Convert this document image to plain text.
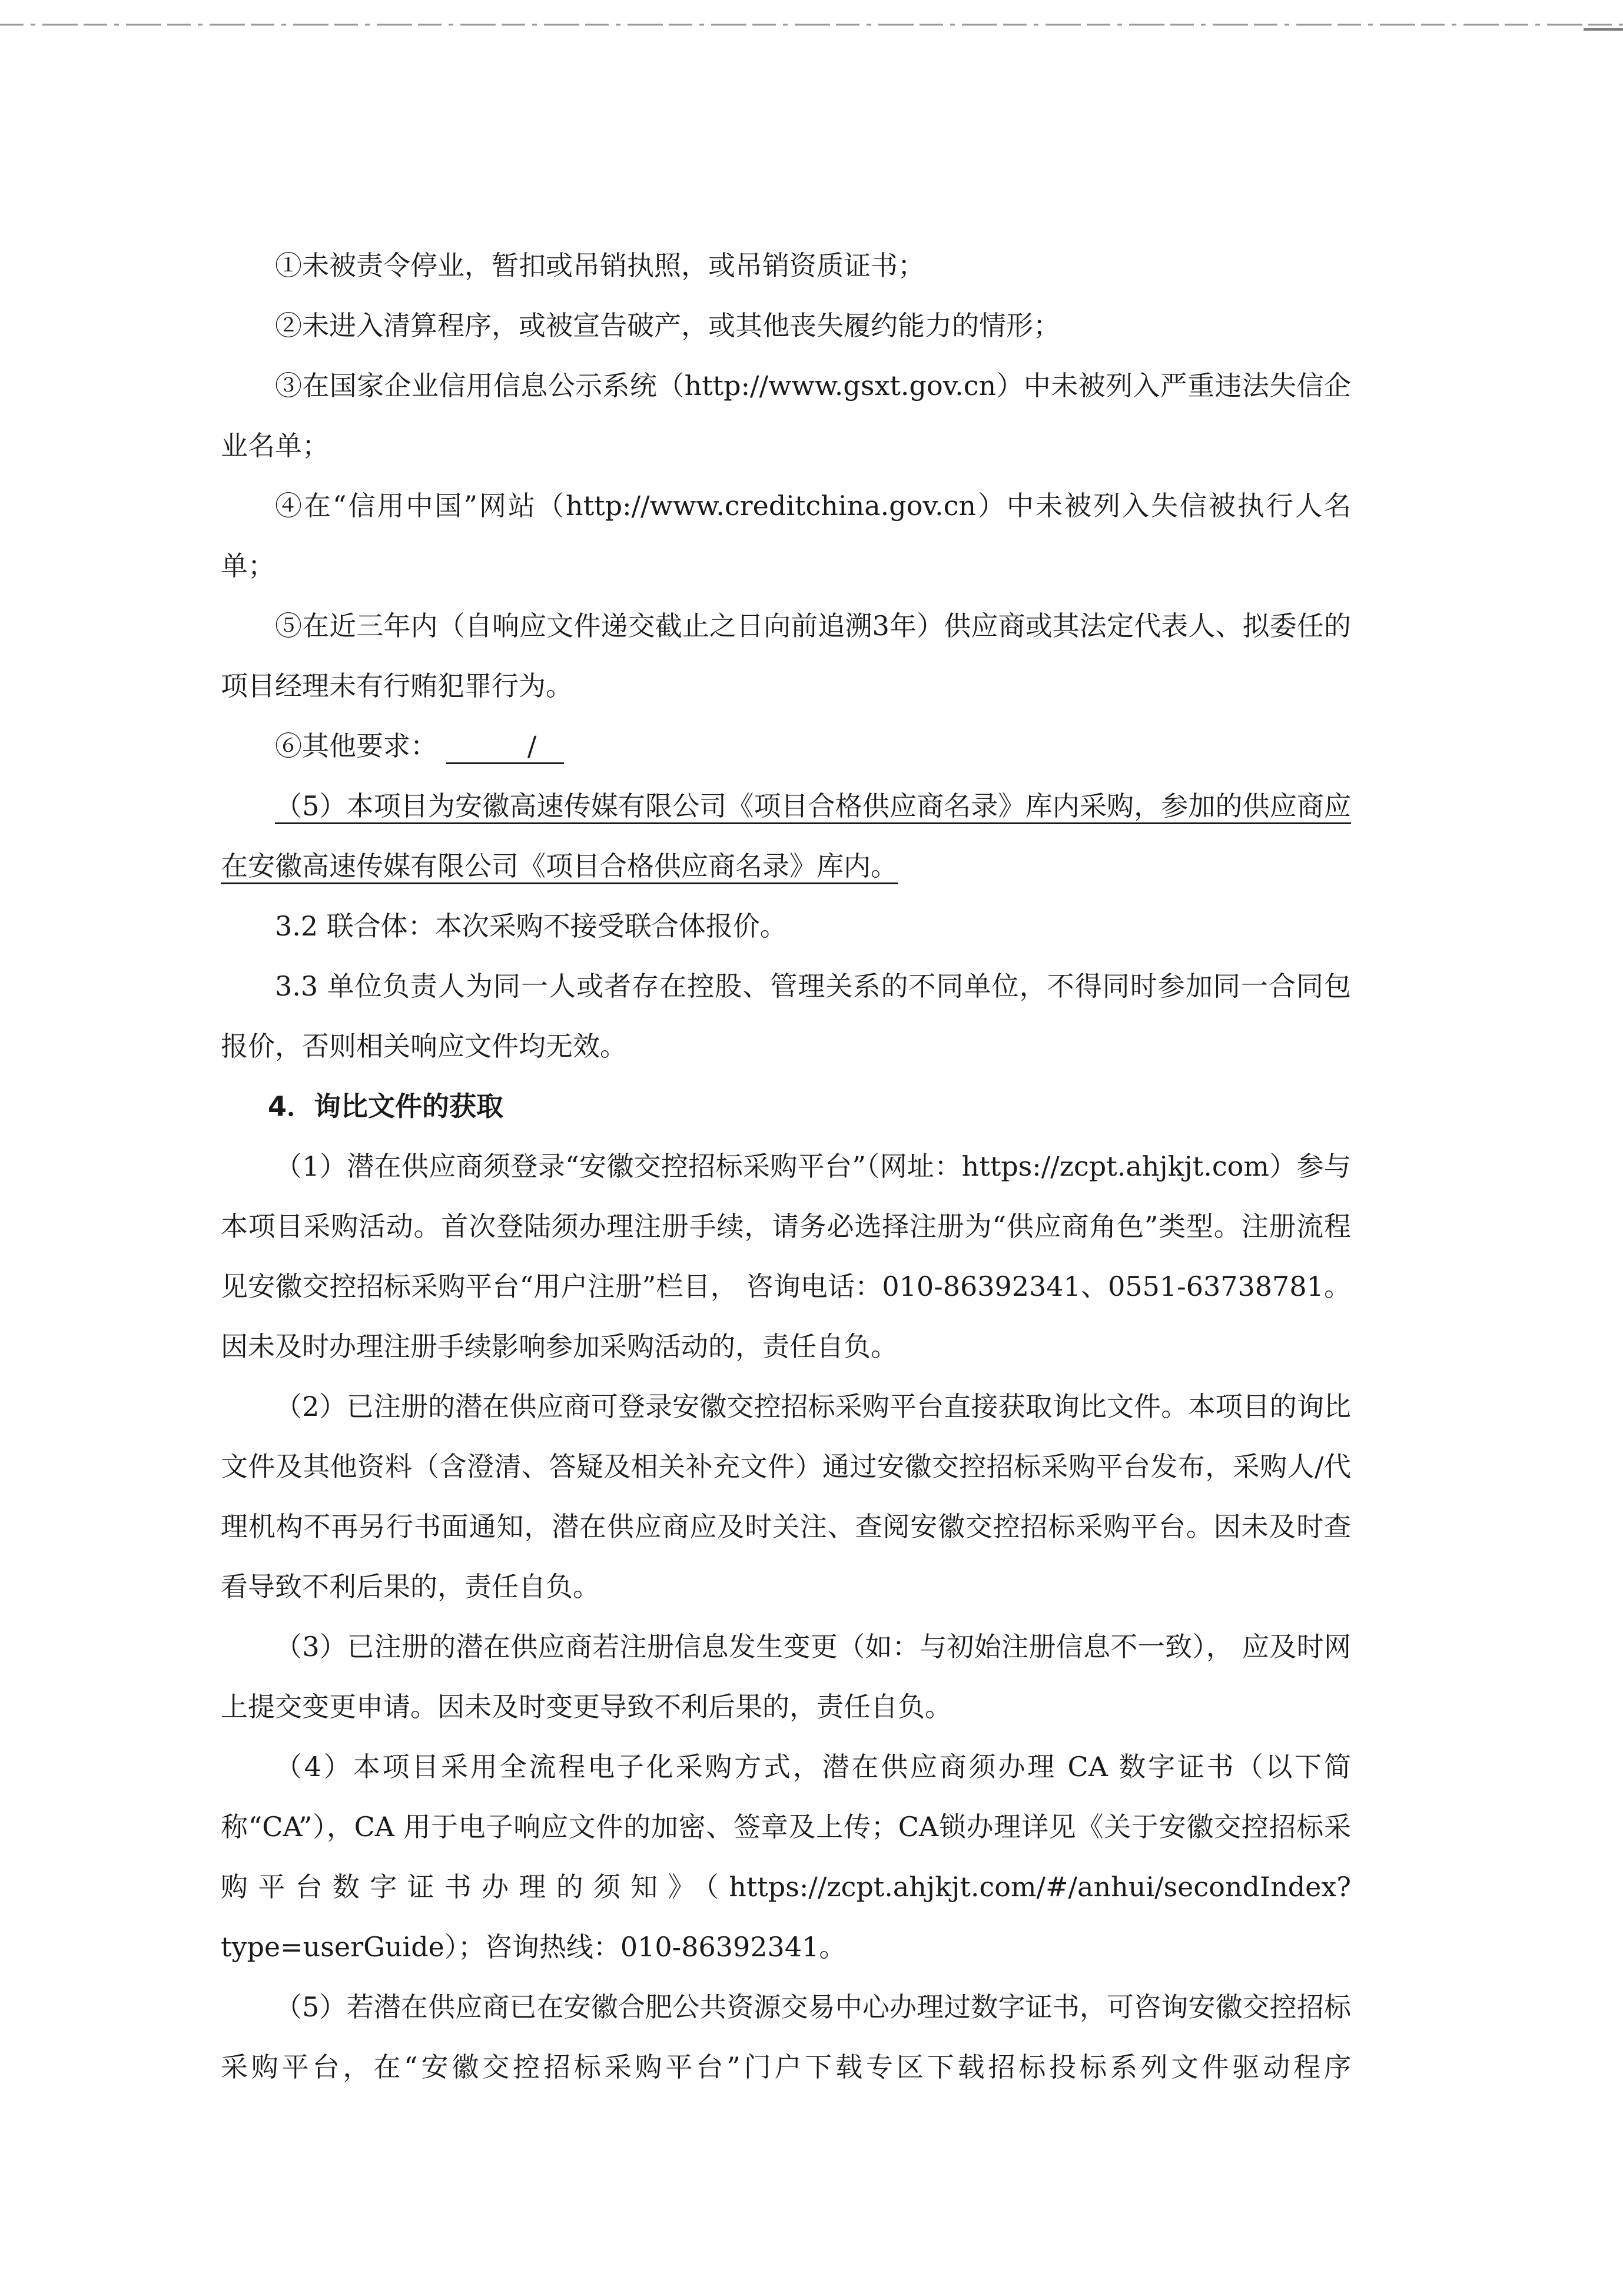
①未被责令停业，暂扣或吊销执照，或吊销资质证书；

②未进入清算程序，或被宣告破产，或其他丧失履约能力的情形；

③在国家企业信用信息公示系统（http://www.gsxt.gov.cn）中未被列入严重违法失信企业名单；

④在“信用中国”网站（http://www.creditchina.gov.cn）中未被列入失信被执行人名单；

⑤在近三年内（自响应文件递交截止之日向前追溯3年）供应商或其法定代表人、拟委任的项目经理未有行贿犯罪行为。

⑥其他要求：	/

（5）本项目为安徽高速传媒有限公司《项目合格供应商名录》库内采购，参加的供应商应在安徽高速传媒有限公司《项目合格供应商名录》库内。

3.2 联合体：本次采购不接受联合体报价。

3.3 单位负责人为同一人或者存在控股、管理关系的不同单位，不得同时参加同一合同包报价，否则相关响应文件均无效。

4．询比文件的获取

（1）潜在供应商须登录“安徽交控招标采购平台”（网址：https://zcpt.ahjkjt.com）参与本项目采购活动。首次登陆须办理注册手续，请务必选择注册为“供应商角色”类型。注册流程见安徽交控招标采购平台“用户注册”栏目， 咨询电话：010-86392341、0551-63738781。因未及时办理注册手续影响参加采购活动的，责任自负。

（2）已注册的潜在供应商可登录安徽交控招标采购平台直接获取询比文件。本项目的询比文件及其他资料（含澄清、答疑及相关补充文件）通过安徽交控招标采购平台发布，采购人/代理机构不再另行书面通知，潜在供应商应及时关注、查阅安徽交控招标采购平台。因未及时查看导致不利后果的，责任自负。

（3）已注册的潜在供应商若注册信息发生变更（如：与初始注册信息不一致）， 应及时网上提交变更申请。因未及时变更导致不利后果的，责任自负。

（4）本项目采用全流程电子化采购方式，潜在供应商须办理 CA 数字证书（以下简称“CA”），CA 用于电子响应文件的加密、签章及上传；CA锁办理详见《关于安徽交控招标采购平台数字证书办理的须知》（https://zcpt.ahjkjt.com/#/anhui/secondIndex?type=userGuide）；咨询热线：010-86392341。

（5）若潜在供应商已在安徽合肥公共资源交易中心办理过数字证书，可咨询安徽交控招标采购平台，在“安徽交控招标采购平台”门户下载专区下载招标投标系列文件驱动程序
